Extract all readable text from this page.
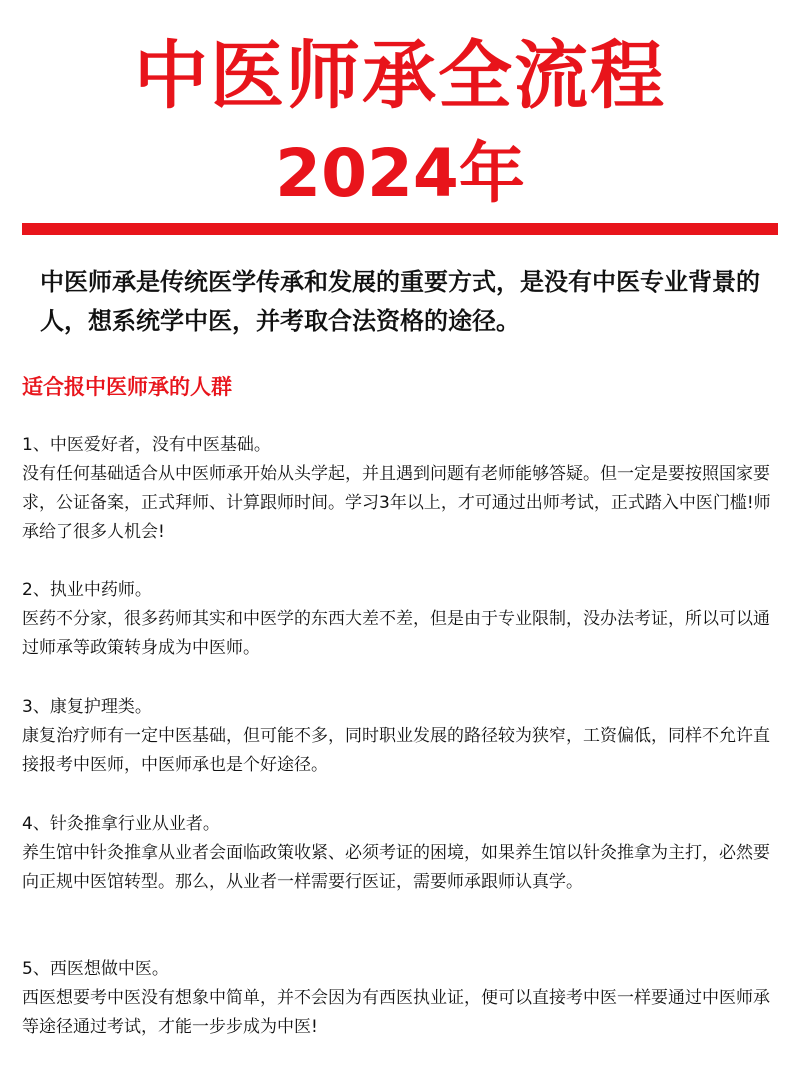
中医师承全流程
2024年

中医师承是传统医学传承和发展的重要方式，是没有中医专业背景的人，想系统学中医，并考取合法资格的途径。

适合报中医师承的人群

1、中医爱好者，没有中医基础。

没有任何基础适合从中医师承开始从头学起，并且遇到问题有老师能够答疑。但一定是要按照国家要求，公证备案，正式拜师、计算跟师时间。学习3年以上，才可通过出师考试，正式踏入中医门槛!师承给了很多人机会!

2、执业中药师。

医药不分家，很多药师其实和中医学的东西大差不差，但是由于专业限制，没办法考证，所以可以通过师承等政策转身成为中医师。

3、康复护理类。

康复治疗师有一定中医基础，但可能不多，同时职业发展的路径较为狭窄，工资偏低，同样不允许直接报考中医师，中医师承也是个好途径。

4、针灸推拿行业从业者。

养生馆中针灸推拿从业者会面临政策收紧、必须考证的困境，如果养生馆以针灸推拿为主打，必然要向正规中医馆转型。那么，从业者一样需要行医证，需要师承跟师认真学。

5、西医想做中医。

西医想要考中医没有想象中简单，并不会因为有西医执业证，便可以直接考中医一样要通过中医师承等途径通过考试，才能一步步成为中医!
